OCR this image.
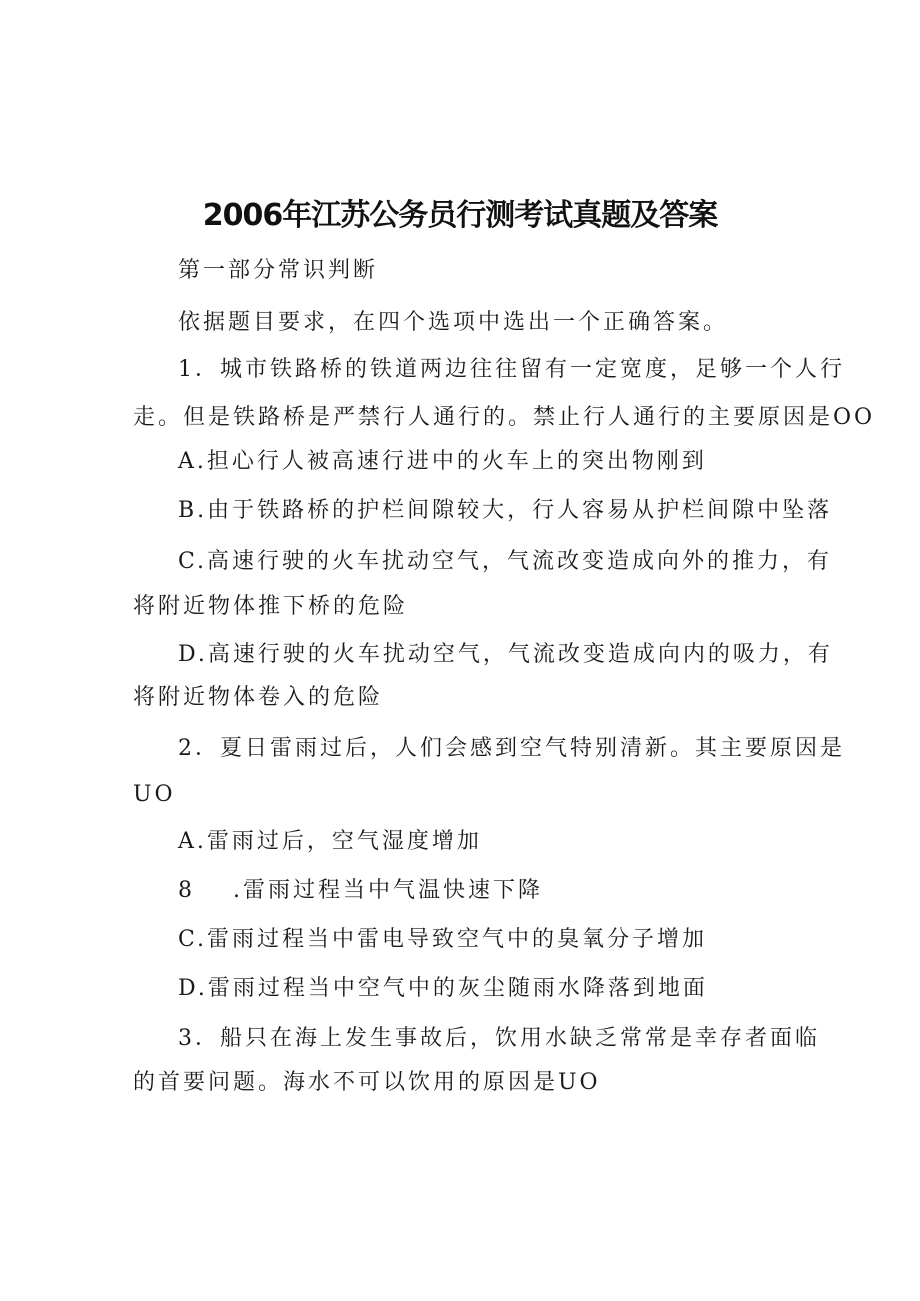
2006年江苏公务员行测考试真题及答案
第一部分常识判断
依据题目要求，在四个选项中选出一个正确答案。
1．城市铁路桥的铁道两边往往留有一定宽度，足够一个人行
走。但是铁路桥是严禁行人通行的。禁止行人通行的主要原因是OO
A.担心行人被高速行进中的火车上的突出物刚到
B.由于铁路桥的护栏间隙较大，行人容易从护栏间隙中坠落
C.高速行驶的火车扰动空气，气流改变造成向外的推力，有
将附近物体推下桥的危险
D.高速行驶的火车扰动空气，气流改变造成向内的吸力，有
将附近物体卷入的危险
2．夏日雷雨过后，人们会感到空气特别清新。其主要原因是
UO
A.雷雨过后，空气湿度增加
8 .雷雨过程当中气温快速下降
C.雷雨过程当中雷电导致空气中的臭氧分子增加
D.雷雨过程当中空气中的灰尘随雨水降落到地面
3．船只在海上发生事故后，饮用水缺乏常常是幸存者面临
的首要问题。海水不可以饮用的原因是UO
